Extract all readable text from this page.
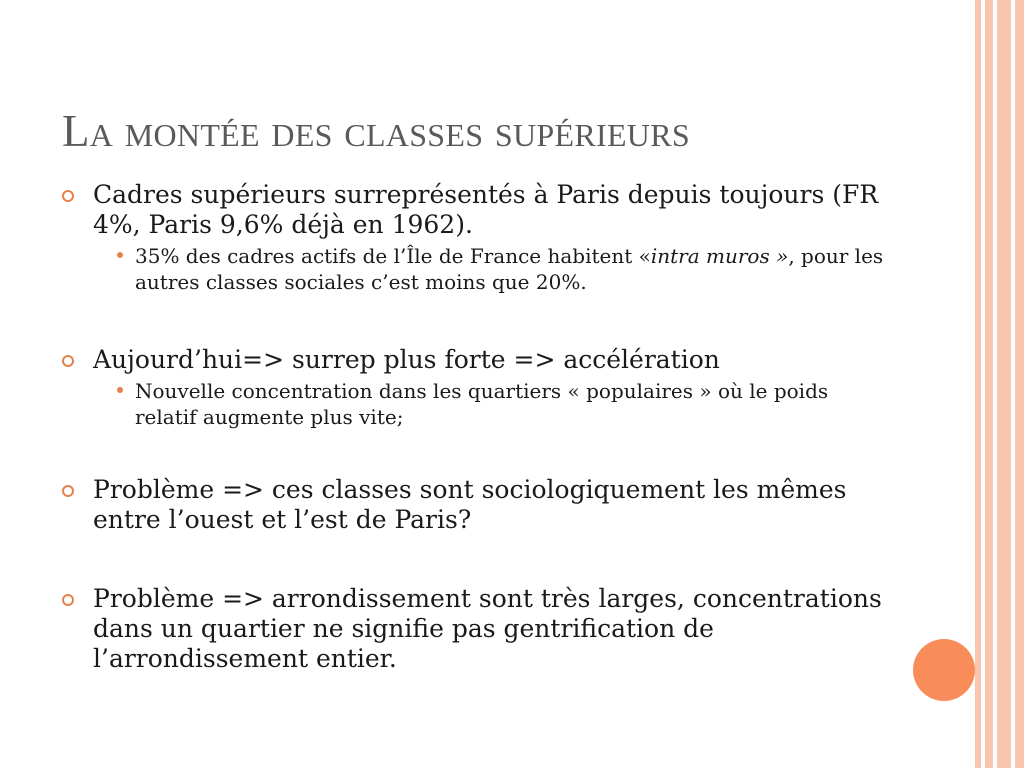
La montée des classes supérieurs
Cadres supérieurs surreprésentés à Paris depuis toujours (FR 4%, Paris 9,6% déjà en 1962).
35% des cadres actifs de l’Île de France habitent «intra muros », pour les autres classes sociales c’est moins que 20%.
Aujourd’hui=> surrep plus forte => accélération
Nouvelle concentration dans les quartiers « populaires » où le poids relatif augmente plus vite;
Problème => ces classes sont sociologiquement les mêmes entre l’ouest et l’est de Paris?
Problème => arrondissement sont très larges, concentrations dans un quartier ne signifie pas gentrification de l’arrondissement entier.
